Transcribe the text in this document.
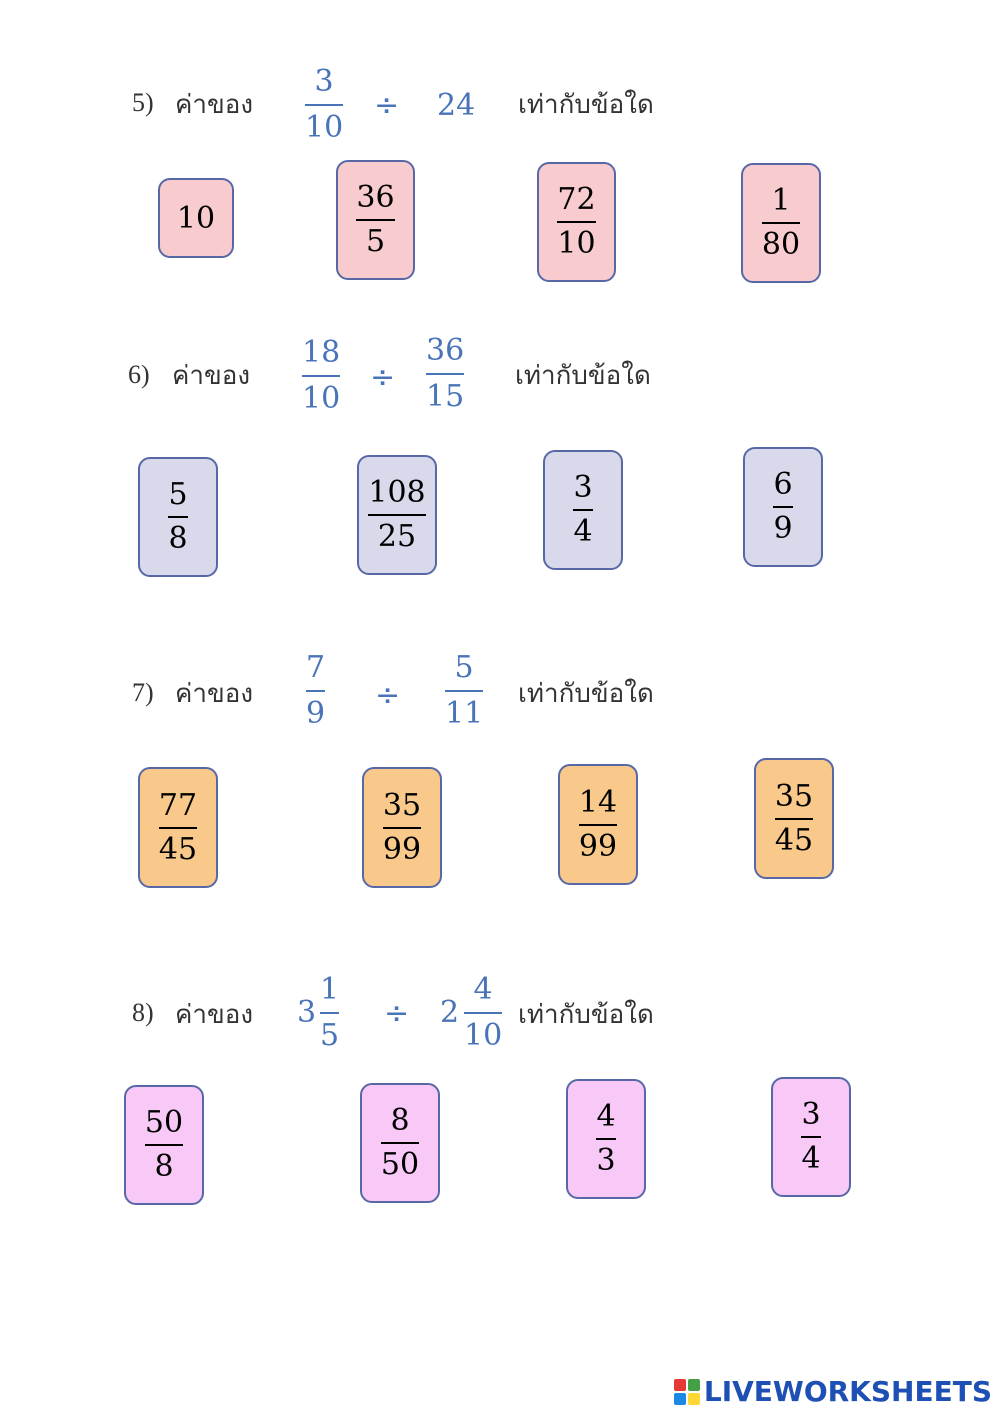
5) ค่าของ
3
10
÷ 24 เท่ากับข้อใด
10	$\frac{36}{5}$	$\frac{72}{10}$	$\frac{1}{80}$
6) ค่าของ
18
10
÷
36
15
เท่ากับข้อใด
$\frac{5}{8}$	$\frac{108}{25}$	$\frac{3}{4}$	$\frac{6}{9}$
7) ค่าของ
7
9
÷
5
11
เท่ากับข้อใด
$\frac{77}{45}$	$\frac{35}{99}$	$\frac{14}{99}$	$\frac{35}{45}$
8) ค่าของ 3
1
5
÷ 2
4
10
เท่ากับข้อใด
$\frac{50}{8}$	$\frac{8}{50}$	$\frac{4}{3}$	$\frac{3}{4}$
LIVEWORKSHEETS
